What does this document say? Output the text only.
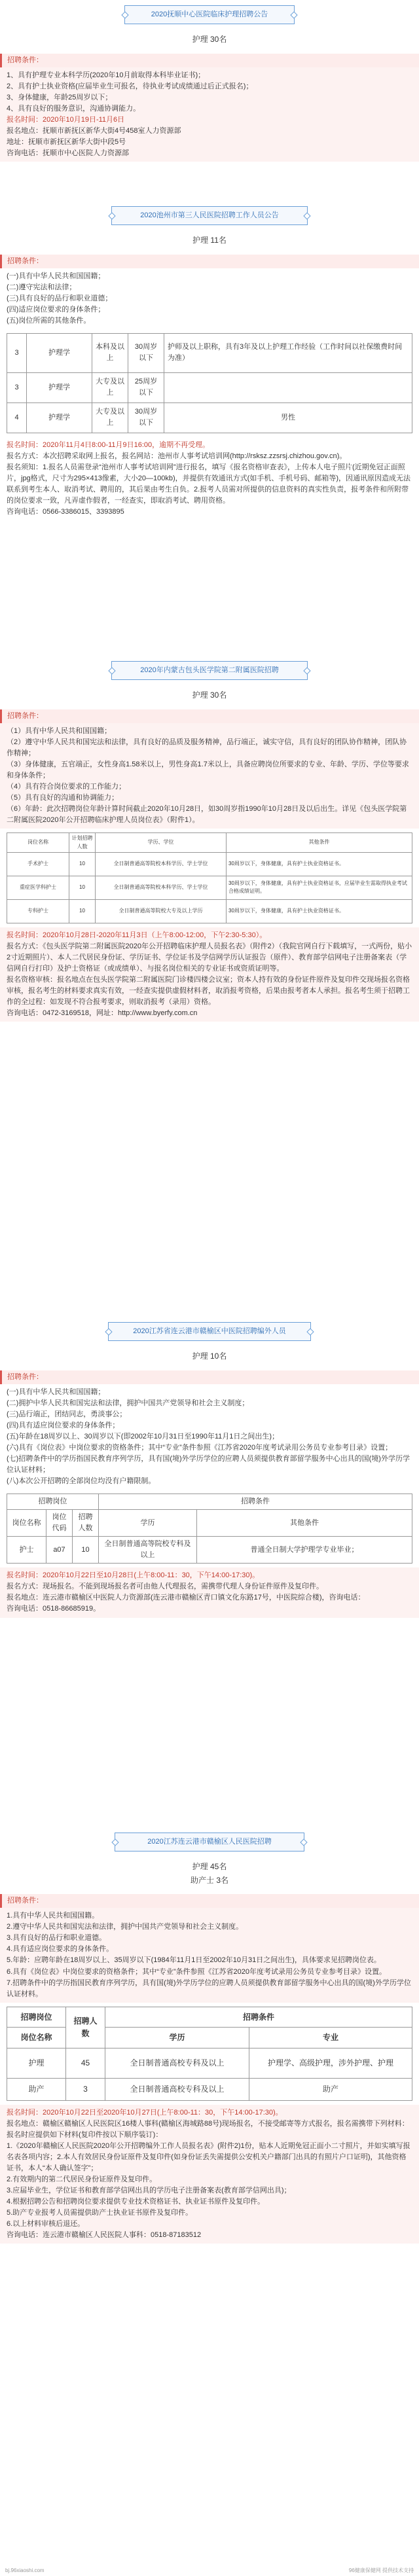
2020抚顺中心医院临床护理招聘公告
护理 30名
招聘条件：
1、具有护理专业本科学历(2020年10月前取得本科毕业证书)；
2、具有护士执业资格(应届毕业生可报名，待执业考试成绩通过后正式报名)；
3、身体健康，年龄25周岁以下；
4、具有良好的服务意识，沟通协调能力。
报名时间：2020年10月19日-11月6日
报名地点：抚顺市新抚区新华大街4号458室人力资源部
地址：抚顺市新抚区新华大街中段5号
咨询电话：抚顺市中心医院人力资源部
2020池州市第三人民医院招聘工作人员公告
护理 11名
招聘条件：
(一)具有中华人民共和国国籍；
(二)遵守宪法和法律；
(三)具有良好的品行和职业道德；
(四)适应岗位要求的身体条件；
(五)岗位所需的其他条件。
3	护理学	本科及以上	30周岁以下	护师及以上职称，具有3年及以上护理工作经验（工作时间以社保缴费时间为准）
3	护理学	大专及以上	25周岁以下	
4	护理学	大专及以上	30周岁以下	男性
报名时间：2020年11月4日8:00-11月9日16:00，逾期不再受理。
报名方式：本次招聘采取网上报名，报名网站：池州市人事考试培训网(http://rsksz.zzsrsj.chizhou.gov.cn)。
报名须知：1.报名人员需登录“池州市人事考试培训网”进行报名，填写《报名资格审查表》，上传本人电子照片(近期免冠正面照片，jpg格式，尺寸为295×413像素，大小20—100kb)，并提供有效通讯方式(如手机、手机号码、邮箱等)，因通讯原因造成无法联系到考生本人、取消考试、聘用的，其后果由考生自负。2.报考人员需对所提供的信息资料的真实性负责，报考条件和所附带的岗位要求一致，凡弄虚作假者，一经查实，即取消考试、聘用资格。
咨询电话：0566-3386015、3393895
2020年内蒙古包头医学院第二附属医院招聘
护理 30名
招聘条件：
（1）具有中华人民共和国国籍；
（2）遵守中华人民共和国宪法和法律，具有良好的品质及服务精神，品行端正，诚实守信，具有良好的团队协作精神，团队协作精神；
（3）身体健康，五官端正，女性身高1.58米以上，男性身高1.7米以上，具备应聘岗位所要求的专业、年龄、学历、学位等要求和身体条件；
（4）具有符合岗位要求的工作能力；
（5）具有良好的沟通和协调能力；
（6）年龄：此次招聘岗位年龄计算时间截止2020年10月28日，如30周岁指1990年10月28日及以后出生。详见《包头医学院第二附属医院2020年公开招聘临床护理人员岗位表》（附件1）。
岗位名称	计划招聘人数	学历、学位	其他条件
手术护士	10	全日制普通高等院校本科学历、学士学位	30周岁以下，身体健康，具有护士执业资格证书。
重症医学科护士	10	全日制普通高等院校本科学历、学士学位	30周岁以下，身体健康，具有护士执业资格证书，应届毕业生需取得执业考试合格成绩证明。
专科护士	10	全日制普通高等院校大专及以上学历	30周岁以下，身体健康，具有护士执业资格证书。
报名时间：2020年10月28日-2020年11月3日（上午8:00-12:00，下午2:30-5:30）。
报名方式：《包头医学院第二附属医院2020年公开招聘临床护理人员报名表》（附件2）（我院官网自行下载填写，一式两份，贴小2寸近期照片）、本人二代居民身份证、学历证书、学位证书及学信网学历认证报告（原件）、教育部学信网电子注册备案表（学信网自行打印）及护士资格证（或成绩单）、与报名岗位相关的专业证书或资质证明等。
报名资格审核：报名地点在包头医学院第二附属医院门诊楼四楼会议室；资本人持有效的身份证件原件及复印件交现场报名资格审核，报名考生的材料要求真实有效，一经查实提供虚假材料者，取消报考资格，后果由报考者本人承担。报名考生须于招聘工作的全过程：如发现不符合报考要求，则取消报考（录用）资格。
咨询电话：0472-3169518，网址：http://www.byerfy.com.cn
2020江苏省连云港市赣榆区中医院招聘编外人员
护理 10名
招聘条件：
(一)具有中华人民共和国国籍；
(二)拥护中华人民共和国宪法和法律，拥护中国共产党领导和社会主义制度；
(三)品行端正，团结同志，勇淡事公；
(四)具有适应岗位要求的身体条件；
(五)年龄在18周岁以上、30周岁以下(即2002年10月31日至1990年11月1日之间出生)；
(六)具有《岗位表》中岗位要求的资格条件；其中“专业”条件参照《江苏省2020年度考试录用公务员专业参考目录》设置；
(七)招聘条件中的学历指国民教育序列学历，具有国(境)外学历学位的应聘人员须提供教育部留学服务中心出具的国(境)外学历学位认证材料；
(八)本次公开招聘的全部岗位均没有户籍限制。
招聘岗位			招聘条件	
岗位名称	岗位代码	招聘人数	学历	其他条件
护士	a07	10	全日制普通高等院校专科及以上	普通全日制大学护理学专业毕业；
报名时间：2020年10月22日至10月28日(上午8:00-11：30，下午14:00-17:30)。
报名方式：现场报名。不能到现场报名者可由他人代理报名，需携带代理人身份证件原件及复印件。
报名地点：连云港市赣榆区中医院人力资源部(连云港市赣榆区青口镇文化东路17号，中医院综合楼)，咨询电话：
咨询电话：0518-86685919。
2020江苏连云港市赣榆区人民医院招聘
护理 45名
助产士 3名
招聘条件：
1.具有中华人民共和国国籍。
2.遵守中华人民共和国宪法和法律，拥护中国共产党领导和社会主义制度。
3.具有良好的品行和职业道德。
4.具有适应岗位要求的身体条件。
5.年龄：应聘年龄在18周岁以上、35周岁以下(1984年11月1日至2002年10月31日之间出生)，具体要求见招聘岗位表。
6.具有《岗位表》中岗位要求的资格条件；其中“专业”条件参照《江苏省2020年度考试录用公务员专业参考目录》设置。
7.招聘条件中的学历指国民教育序列学历，具有国(境)外学历学位的应聘人员须提供教育部留学服务中心出具的国(境)外学历学位认证材料。
招聘岗位	招聘人数	招聘条件	
岗位名称		学历	专业
护理	45	全日制普通高校专科及以上	护理学、高级护理，涉外护理、护理
助产	3	全日制普通高校专科及以上	助产
报名时间：2020年10月22日至2020年10月27日(上午8:00-11：30，下午14:00-17:30)。
报名地点：赣榆区赣榆区人民医院区16楼人事科(赣榆区海城路88号)现场报名，不接受邮寄等方式报名，报名需携带下列材料：
报名时应提供如下材料(复印件按以下顺序装订)：
1.《2020年赣榆区人民医院2020年公开招聘编外工作人员报名表》(附件2)1份，贴本人近期免冠正面小二寸照片，并如实填写报名表各项内容；2.本人有效居民身份证原件及复印件(如身份证丢失需提供公安机关户籍部门出具的有照片户口证明)，其他资格证书，本人“本人确认签字”；
2.有效期内的第二代居民身份证原件及复印件。
3.应届毕业生，学位证书和教育部学信网出具的学历电子注册备案表(教育部学信网出具)；
4.根据招聘公告和招聘岗位要求提供专业技术资格证书、执业证书原件及复印件。
5.助产专业报考人员需提供助产士执业证书原件及复印件。
6.以上材料审核后退还。
咨询电话：连云港市赣榆区人民医院人事科：0518-87183512
bj.96xiaoshi.com	96健康保健网 提供技术支持
